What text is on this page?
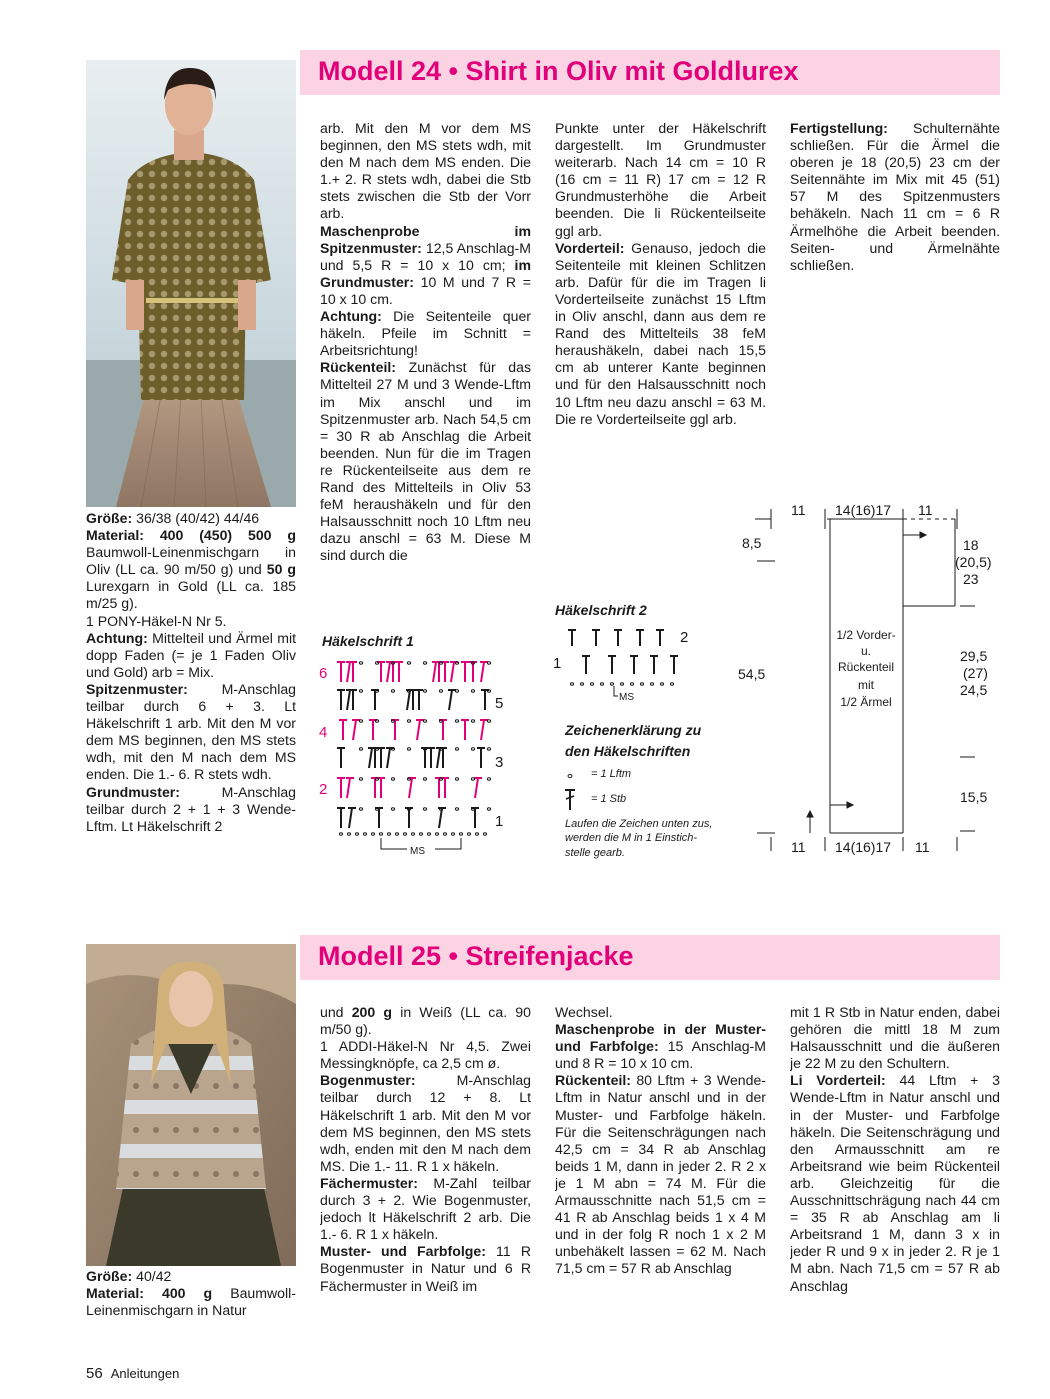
Modell 24 • Shirt in Oliv mit Goldlurex

Größe: 36/38 (40/42) 44/46

Material: 400 (450) 500 g Baumwoll-Leinenmischgarn in Oliv (LL ca. 90 m/50 g) und 50 g Lurexgarn in Gold (LL ca. 185 m/25 g).

1 PONY-Häkel-N Nr 5.

Achtung: Mittelteil und Ärmel mit dopp Faden (= je 1 Faden Oliv und Gold) arb = Mix.

Spitzenmuster: M-Anschlag teilbar durch 6 + 3. Lt Häkelschrift 1 arb. Mit den M vor dem MS beginnen, den MS stets wdh, mit den M nach dem MS enden. Die 1.- 6. R stets wdh.

Grundmuster: M-Anschlag teilbar durch 2 + 1 + 3 Wende-Lftm. Lt Häkelschrift 2

arb. Mit den M vor dem MS beginnen, den MS stets wdh, mit den M nach dem MS enden. Die 1.+ 2. R stets wdh, dabei die Stb stets zwischen die Stb der Vorr arb.

Maschenprobe im Spitzenmuster: 12,5 Anschlag-M und 5,5 R = 10 x 10 cm; im Grundmuster: 10 M und 7 R = 10 x 10 cm.

Achtung: Die Seitenteile quer häkeln. Pfeile im Schnitt = Arbeitsrichtung!

Rückenteil: Zunächst für das Mittelteil 27 M und 3 Wende-Lftm im Mix anschl und im Spitzenmuster arb. Nach 54,5 cm = 30 R ab Anschlag die Arbeit beenden. Nun für die im Tragen re Rückenteilseite aus dem re Rand des Mittelteils in Oliv 53 feM heraushäkeln und für den Halsausschnitt noch 10 Lftm neu dazu anschl = 63 M. Diese M sind durch die

Punkte unter der Häkelschrift dargestellt. Im Grundmuster weiterarb. Nach 14 cm = 10 R (16 cm = 11 R) 17 cm = 12 R Grundmusterhöhe die Arbeit beenden. Die li Rückenteilseite ggl arb.

Vorderteil: Genauso, jedoch die Seitenteile mit kleinen Schlitzen arb. Dafür für die im Tragen li Vorderteilseite zunächst 15 Lftm in Oliv anschl, dann aus dem re Rand des Mittelteils 38 feM heraushäkeln, dabei nach 15,5 cm ab unterer Kante beginnen und für den Halsausschnitt noch 10 Lftm neu dazu anschl = 63 M. Die re Vorderteilseite ggl arb.

Fertigstellung: Schulternähte schließen. Für die Ärmel die oberen je 18 (20,5) 23 cm der Seitennähte im Mix mit 45 (51) 57 M des Spitzenmusters behäkeln. Nach 11 cm = 6 R Ärmelhöhe die Arbeit beenden. Seiten- und Ärmelnähte schließen.

Häkelschrift 1
6
4
2
5
3
1
MS
Häkelschrift 2
2
1
MS
Zeichenerklärung zu
den Häkelschriften
= 1 Lftm
= 1 Stb
Laufen die Zeichen unten zus,
werden die M in 1 Einstich-
stelle gearb.
11 14(16)17 11
8,5
54,5
18
(20,5)
23
29,5
(27)
24,5
15,5
11 14(16)17 11
1/2 Vorder-
u.
Rückenteil
mit
1/2 Ärmel
Modell 25 • Streifenjacke

Größe: 40/42

Material: 400 g Baumwoll-Leinenmischgarn in Natur

und 200 g in Weiß (LL ca. 90 m/50 g).

1 ADDI-Häkel-N Nr 4,5. Zwei Messingknöpfe, ca 2,5 cm ø.

Bogenmuster: M-Anschlag teilbar durch 12 + 8. Lt Häkelschrift 1 arb. Mit den M vor dem MS beginnen, den MS stets wdh, enden mit den M nach dem MS. Die 1.- 11. R 1 x häkeln.

Fächermuster: M-Zahl teilbar durch 3 + 2. Wie Bogenmuster, jedoch lt Häkelschrift 2 arb. Die 1.- 6. R 1 x häkeln.

Muster- und Farbfolge: 11 R Bogenmuster in Natur und 6 R Fächermuster in Weiß im

Wechsel.

Maschenprobe in der Muster- und Farbfolge: 15 Anschlag-M und 8 R = 10 x 10 cm.

Rückenteil: 80 Lftm + 3 Wende-Lftm in Natur anschl und in der Muster- und Farbfolge häkeln. Für die Seitenschrägungen nach 42,5 cm = 34 R ab Anschlag beids 1 M, dann in jeder 2. R 2 x je 1 M abn = 74 M. Für die Armausschnitte nach 51,5 cm = 41 R ab Anschlag beids 1 x 4 M und in der folg R noch 1 x 2 M unbehäkelt lassen = 62 M. Nach 71,5 cm = 57 R ab Anschlag

mit 1 R Stb in Natur enden, dabei gehören die mittl 18 M zum Halsausschnitt und die äußeren je 22 M zu den Schultern.

Li Vorderteil: 44 Lftm + 3 Wende-Lftm in Natur anschl und in der Muster- und Farbfolge häkeln. Die Seitenschrägung und den Armausschnitt am re Arbeitsrand wie beim Rückenteil arb. Gleichzeitig für die Ausschnittschrägung nach 44 cm = 35 R ab Anschlag am li Arbeitsrand 1 M, dann 3 x in jeder R und 9 x in jeder 2. R je 1 M abn. Nach 71,5 cm = 57 R ab Anschlag

56 Anleitungen
